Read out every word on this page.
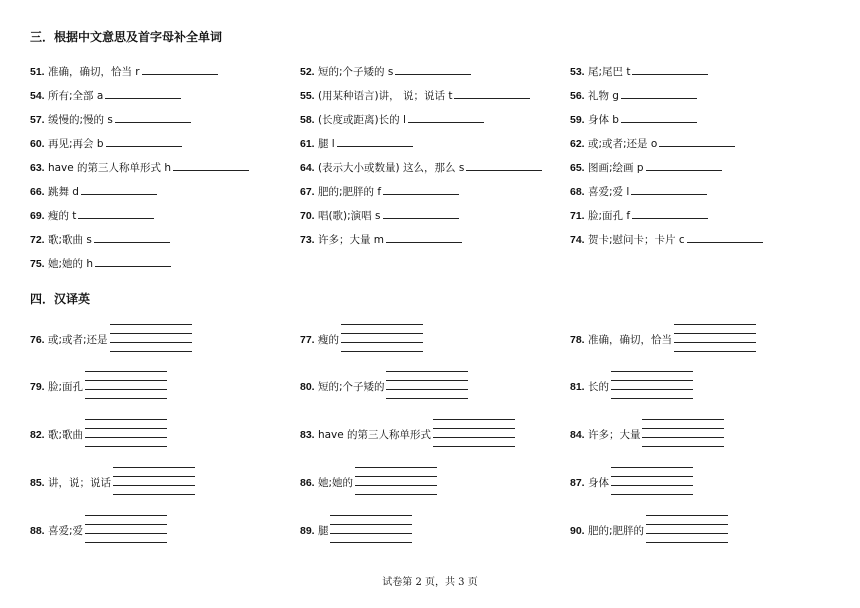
三．根据中文意思及首字母补全单词
51. 准确，确切，恰当 r	52. 短的;个子矮的 s	53. 尾;尾巴 t
54. 所有;全部 a	55. (用某种语言)讲， 说；说话 t	56. 礼物 g
57. 缓慢的;慢的 s	58. (长度或距离)长的 l	59. 身体 b
60. 再见;再会 b	61. 腿 l	62. 或;或者;还是 o
63. have 的第三人称单形式 h	64. (表示大小或数量) 这么，那么 s	65. 图画;绘画 p
66. 跳舞 d	67. 肥的;肥胖的 f	68. 喜爱;爱 l
69. 瘦的 t	70. 唱(歌);演唱 s	71. 脸;面孔 f
72. 歌;歌曲 s	73. 许多；大量 m	74. 贺卡;慰问卡；卡片 c
75. 她;她的 h
四．汉译英
76. 或;或者;还是	77. 瘦的	78. 准确，确切，恰当
79. 脸;面孔	80. 短的;个子矮的	81. 长的
82. 歌;歌曲	83. have 的第三人称单形式	84. 许多；大量
85. 讲，说；说话	86. 她;她的	87. 身体
88. 喜爱;爱	89. 腿	90. 肥的;肥胖的
试卷第 2 页，共 3 页
